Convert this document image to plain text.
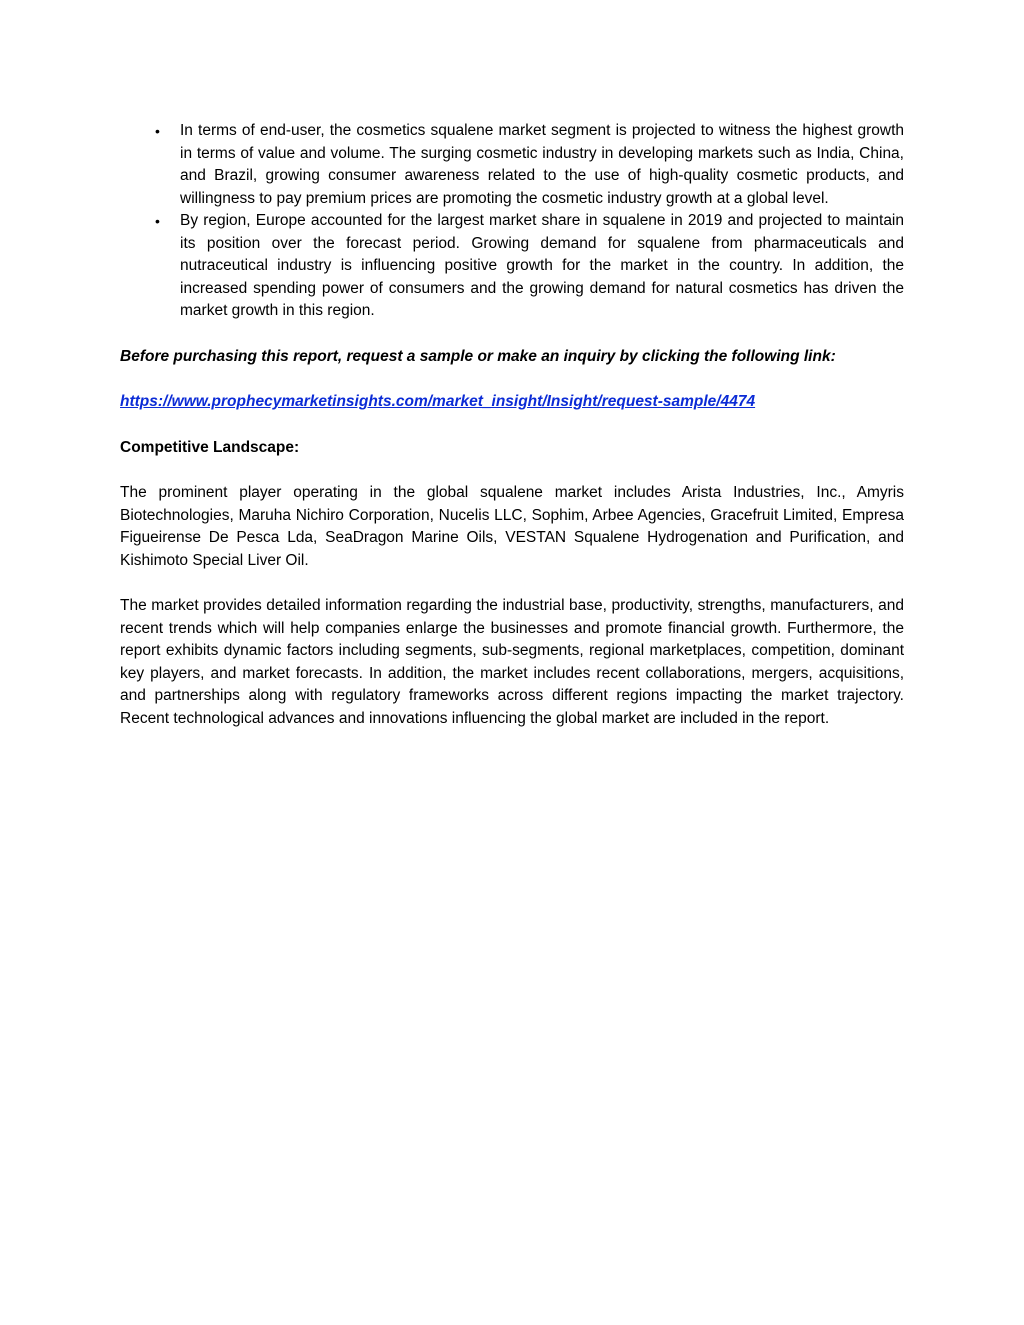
• In terms of end-user, the cosmetics squalene market segment is projected to witness the highest growth in terms of value and volume. The surging cosmetic industry in developing markets such as India, China, and Brazil, growing consumer awareness related to the use of high-quality cosmetic products, and willingness to pay premium prices are promoting the cosmetic industry growth at a global level.
• By region, Europe accounted for the largest market share in squalene in 2019 and projected to maintain its position over the forecast period. Growing demand for squalene from pharmaceuticals and nutraceutical industry is influencing positive growth for the market in the country. In addition, the increased spending power of consumers and the growing demand for natural cosmetics has driven the market growth in this region.

Before purchasing this report, request a sample or make an inquiry by clicking the following link:

https://www.prophecymarketinsights.com/market_insight/Insight/request-sample/4474

Competitive Landscape:

The prominent player operating in the global squalene market includes Arista Industries, Inc., Amyris Biotechnologies, Maruha Nichiro Corporation, Nucelis LLC, Sophim, Arbee Agencies, Gracefruit Limited, Empresa Figueirense De Pesca Lda, SeaDragon Marine Oils, VESTAN Squalene Hydrogenation and Purification, and Kishimoto Special Liver Oil.

The market provides detailed information regarding the industrial base, productivity, strengths, manufacturers, and recent trends which will help companies enlarge the businesses and promote financial growth. Furthermore, the report exhibits dynamic factors including segments, sub-segments, regional marketplaces, competition, dominant key players, and market forecasts. In addition, the market includes recent collaborations, mergers, acquisitions, and partnerships along with regulatory frameworks across different regions impacting the market trajectory. Recent technological advances and innovations influencing the global market are included in the report.
